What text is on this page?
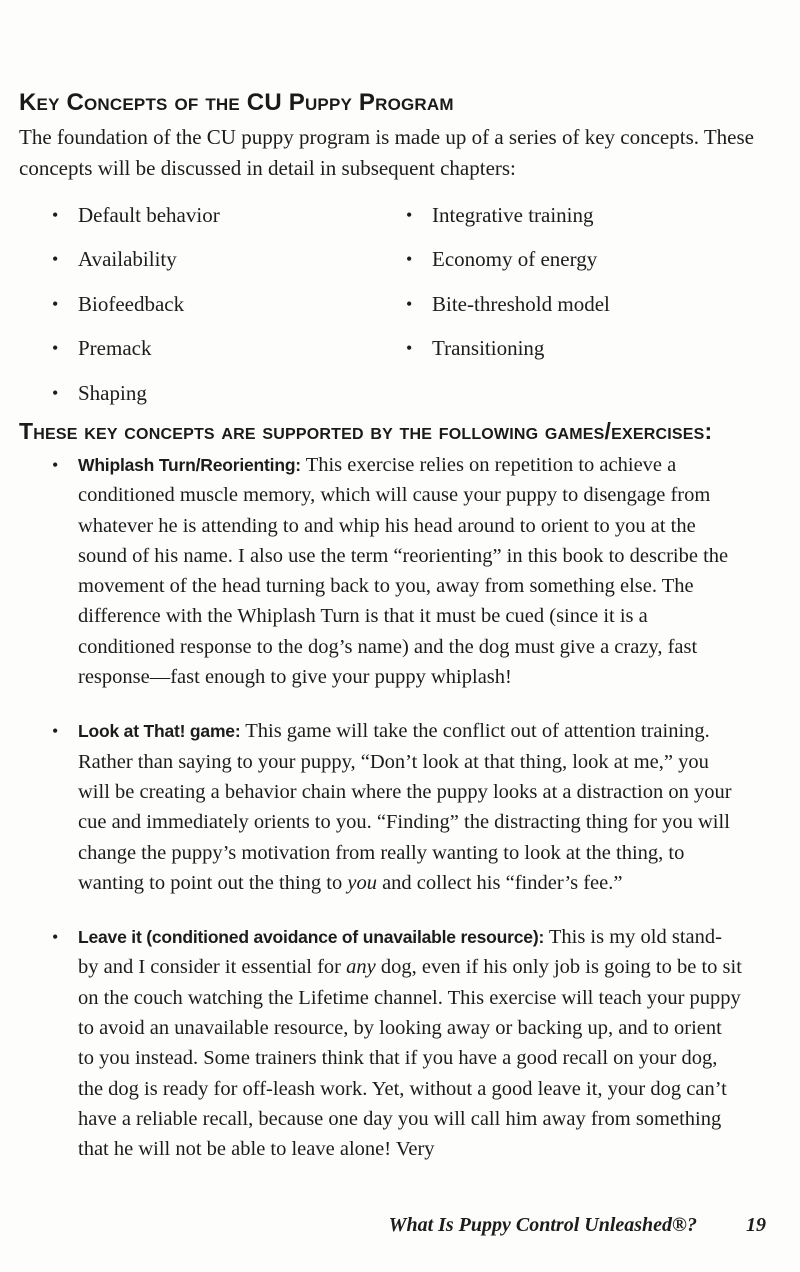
Key Concepts of the CU Puppy Program

The foundation of the CU puppy program is made up of a series of key concepts. These concepts will be discussed in detail in subsequent chapters:

• Default behavior
• Availability
• Biofeedback
• Premack
• Shaping
• Integrative training
• Economy of energy
• Bite-threshold model
• Transitioning
These key concepts are supported by the following games/exercises:
• Whiplash Turn/Reorienting: This exercise relies on repetition to achieve a conditioned muscle memory, which will cause your puppy to disengage from whatever he is attending to and whip his head around to orient to you at the sound of his name. I also use the term “reorienting” in this book to describe the movement of the head turning back to you, away from something else. The difference with the Whiplash Turn is that it must be cued (since it is a conditioned response to the dog’s name) and the dog must give a crazy, fast response—fast enough to give your puppy whiplash!
• Look at That! game: This game will take the conflict out of attention training. Rather than saying to your puppy, “Don’t look at that thing, look at me,” you will be creating a behavior chain where the puppy looks at a distraction on your cue and immediately orients to you. “Finding” the distracting thing for you will change the puppy’s motivation from really wanting to look at the thing, to wanting to point out the thing to you and collect his “finder’s fee.”
• Leave it (conditioned avoidance of unavailable resource): This is my old stand-by and I consider it essential for any dog, even if his only job is going to be to sit on the couch watching the Lifetime channel. This exercise will teach your puppy to avoid an unavailable resource, by looking away or backing up, and to orient to you instead. Some trainers think that if you have a good recall on your dog, the dog is ready for off-leash work. Yet, without a good leave it, your dog can’t have a reliable recall, because one day you will call him away from something that he will not be able to leave alone! Very
What Is Puppy Control Unleashed®? 19
